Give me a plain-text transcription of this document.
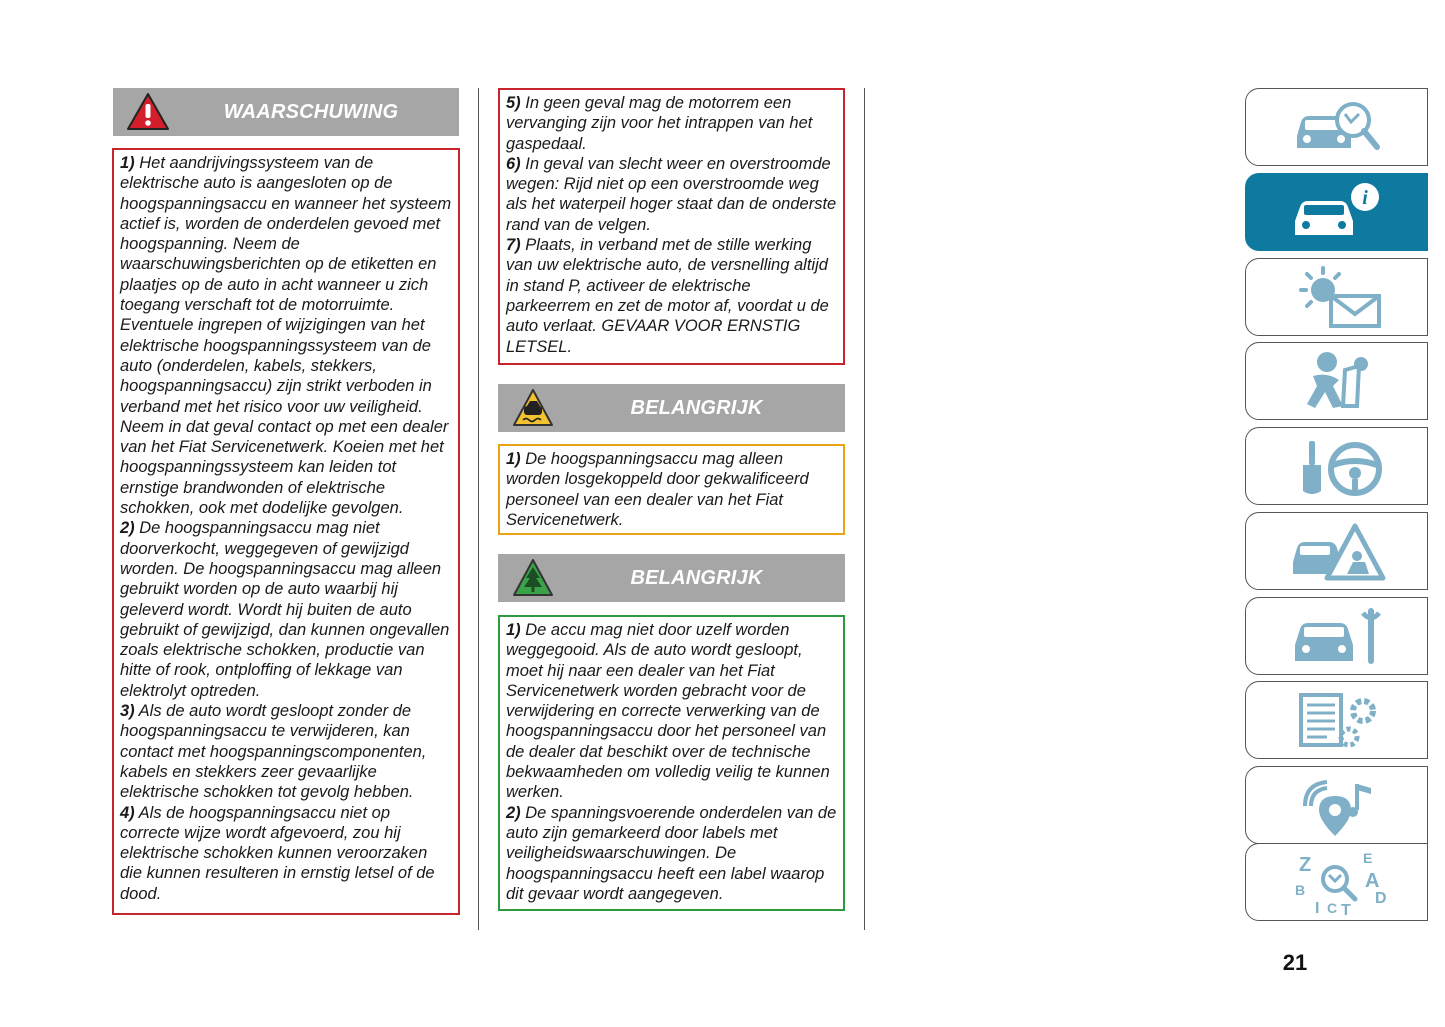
WAARSCHUWING

1) Het aandrijvingssysteem van de elektrische auto is aangesloten op de hoogspanningsaccu en wanneer het systeem actief is, worden de onderdelen gevoed met hoogspanning. Neem de waarschuwingsberichten op de etiketten en plaatjes op de auto in acht wanneer u zich toegang verschaft tot de motorruimte. Eventuele ingrepen of wijzigingen van het elektrische hoogspanningssysteem van de auto (onderdelen, kabels, stekkers, hoogspanningsaccu) zijn strikt verboden in verband met het risico voor uw veiligheid. Neem in dat geval contact op met een dealer van het Fiat Servicenetwerk. Koeien met het hoogspanningssysteem kan leiden tot ernstige brandwonden of elektrische schokken, ook met dodelijke gevolgen.

2) De hoogspanningsaccu mag niet doorverkocht, weggegeven of gewijzigd worden. De hoogspanningsaccu mag alleen gebruikt worden op de auto waarbij hij geleverd wordt. Wordt hij buiten de auto gebruikt of gewijzigd, dan kunnen ongevallen zoals elektrische schokken, productie van hitte of rook, ontploffing of lekkage van elektrolyt optreden.

3) Als de auto wordt gesloopt zonder de hoogspanningsaccu te verwijderen, kan contact met hoogspanningscomponenten, kabels en stekkers zeer gevaarlijke elektrische schokken tot gevolg hebben.

4) Als de hoogspanningsaccu niet op correcte wijze wordt afgevoerd, zou hij elektrische schokken kunnen veroorzaken die kunnen resulteren in ernstig letsel of de dood.

5) In geen geval mag de motorrem een vervanging zijn voor het intrappen van het gaspedaal.

6) In geval van slecht weer en overstroomde wegen: Rijd niet op een overstroomde weg als het waterpeil hoger staat dan de onderste rand van de velgen.

7) Plaats, in verband met de stille werking van uw elektrische auto, de versnelling altijd in stand P, activeer de elektrische parkeerrem en zet de motor af, voordat u de auto verlaat. GEVAAR VOOR ERNSTIG LETSEL.

BELANGRIJK

1) De hoogspanningsaccu mag alleen worden losgekoppeld door gekwalificeerd personeel van een dealer van het Fiat Servicenetwerk.

BELANGRIJK

1) De accu mag niet door uzelf worden weggegooid. Als de auto wordt gesloopt, moet hij naar een dealer van het Fiat Servicenetwerk worden gebracht voor de verwijdering en correcte verwerking van de hoogspanningsaccu door het personeel van de dealer dat beschikt over de technische bekwaamheden om volledig veilig te kunnen werken.

2) De spanningsvoerende onderdelen van de auto zijn gemarkeerd door labels met veiligheidswaarschuwingen. De hoogspanningsaccu heeft een label waarop dit gevaar wordt aangegeven.

i
Z	E
A
B	D
I C T
21
